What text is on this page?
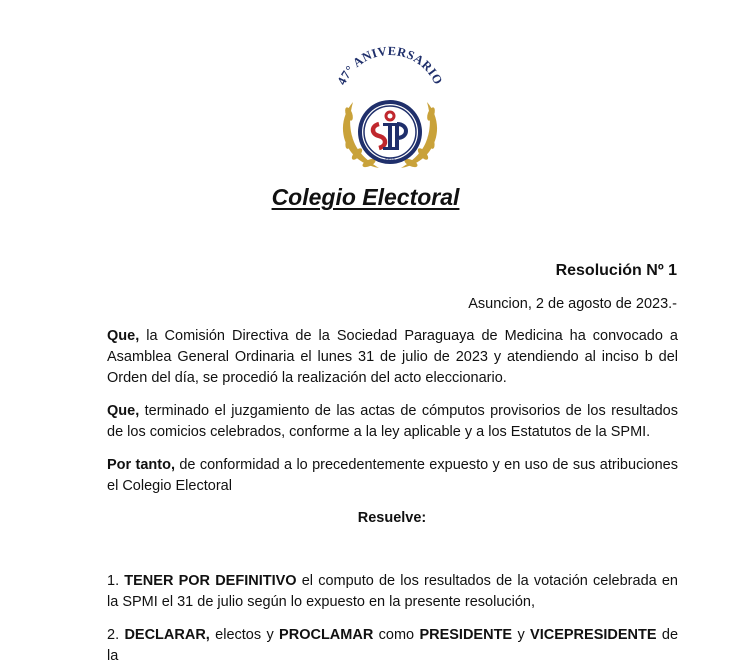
47° ANIVERSARIO
SPMI
Colegio Electoral
Resolución Nº 1
Asuncion, 2 de agosto de 2023.-

Que, la Comisión Directiva de la Sociedad Paraguaya de Medicina ha convocado a Asamblea General Ordinaria el lunes 31 de julio de 2023 y atendiendo al inciso b del Orden del día, se procedió la realización del acto eleccionario.

Que, terminado el juzgamiento de las actas de cómputos provisorios de los resultados de los comicios celebrados, conforme a la ley aplicable y a los Estatutos de la SPMI.

Por tanto, de conformidad a lo precedentemente expuesto y en uso de sus atribuciones el Colegio Electoral

Resuelve:

1. TENER POR DEFINITIVO el computo de los resultados de la votación celebrada en la SPMI el 31 de julio según lo expuesto en la presente resolución,

2. DECLARAR, electos y PROCLAMAR como PRESIDENTE y VICEPRESIDENTE de la
